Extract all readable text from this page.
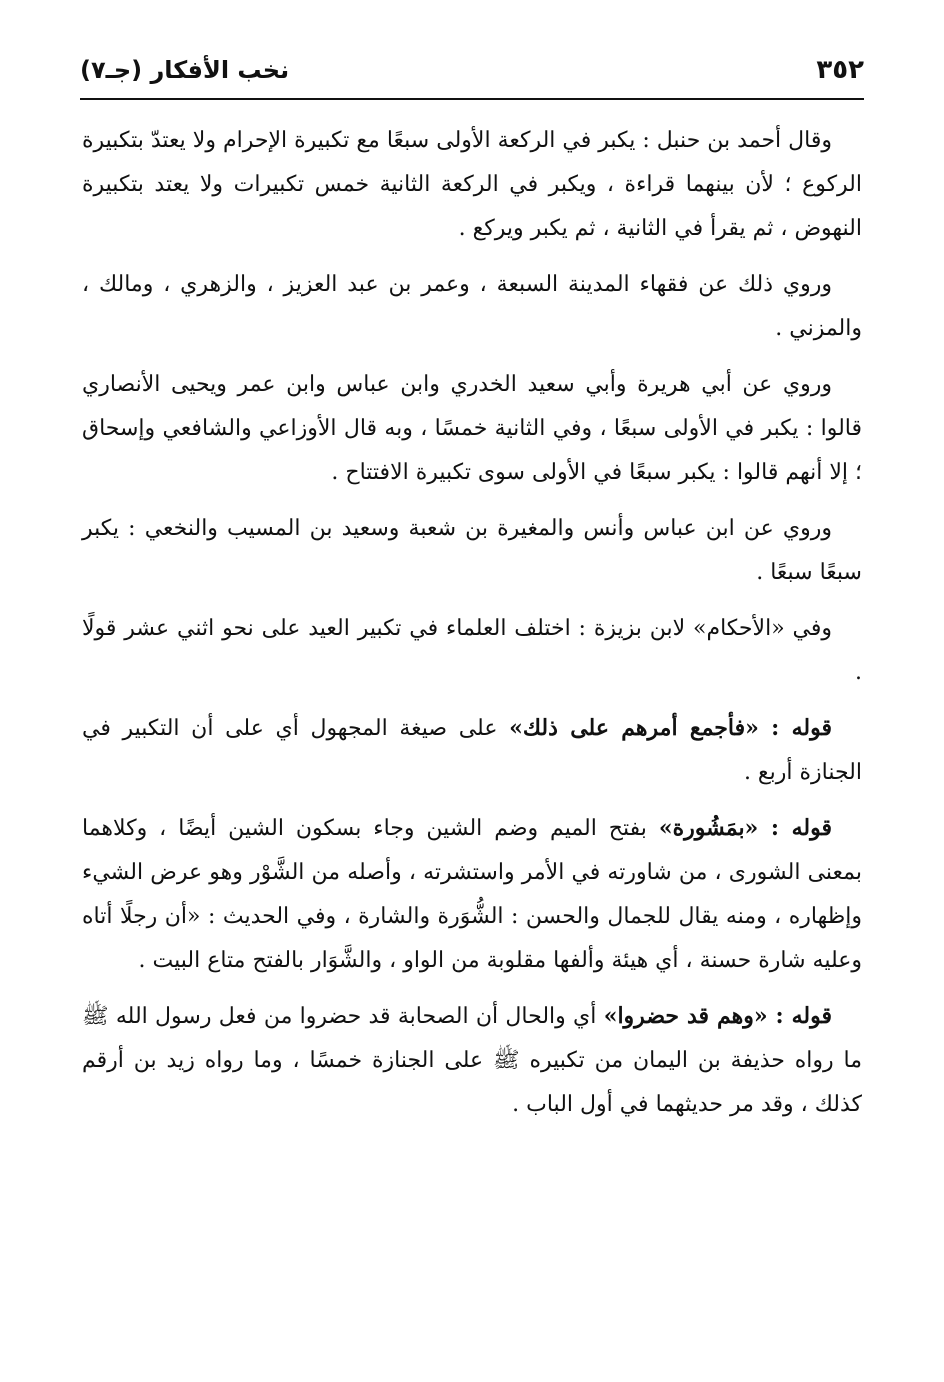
٣٥٢
نخب الأفكار (جـ٧)

وقال أحمد بن حنبل : يكبر في الركعة الأولى سبعًا مع تكبيرة الإحرام ولا يعتدّ بتكبيرة الركوع ؛ لأن بينهما قراءة ، ويكبر في الركعة الثانية خمس تكبيرات ولا يعتد بتكبيرة النهوض ، ثم يقرأ في الثانية ، ثم يكبر ويركع .

وروي ذلك عن فقهاء المدينة السبعة ، وعمر بن عبد العزيز ، والزهري ، ومالك ، والمزني .

وروي عن أبي هريرة وأبي سعيد الخدري وابن عباس وابن عمر ويحيى الأنصاري قالوا : يكبر في الأولى سبعًا ، وفي الثانية خمسًا ، وبه قال الأوزاعي والشافعي وإسحاق ؛ إلا أنهم قالوا : يكبر سبعًا في الأولى سوى تكبيرة الافتتاح .

وروي عن ابن عباس وأنس والمغيرة بن شعبة وسعيد بن المسيب والنخعي : يكبر سبعًا سبعًا .

وفي «الأحكام» لابن بزيزة : اختلف العلماء في تكبير العيد على نحو اثني عشر قولًا .

قوله : «فأجمع أمرهم على ذلك» على صيغة المجهول أي على أن التكبير في الجنازة أربع .

قوله : «بمَشُورة» بفتح الميم وضم الشين وجاء بسكون الشين أيضًا ، وكلاهما بمعنى الشورى ، من شاورته في الأمر واستشرته ، وأصله من الشَّوْر وهو عرض الشيء وإظهاره ، ومنه يقال للجمال والحسن : الشُّوَرة والشارة ، وفي الحديث : «أن رجلًا أتاه وعليه شارة حسنة ، أي هيئة وألفها مقلوبة من الواو ، والشَّوَار بالفتح متاع البيت .

قوله : «وهم قد حضروا» أي والحال أن الصحابة قد حضروا من فعل رسول الله ﷺ ما رواه حذيفة بن اليمان من تكبيره ﷺ على الجنازة خمسًا ، وما رواه زيد بن أرقم كذلك ، وقد مر حديثهما في أول الباب .
